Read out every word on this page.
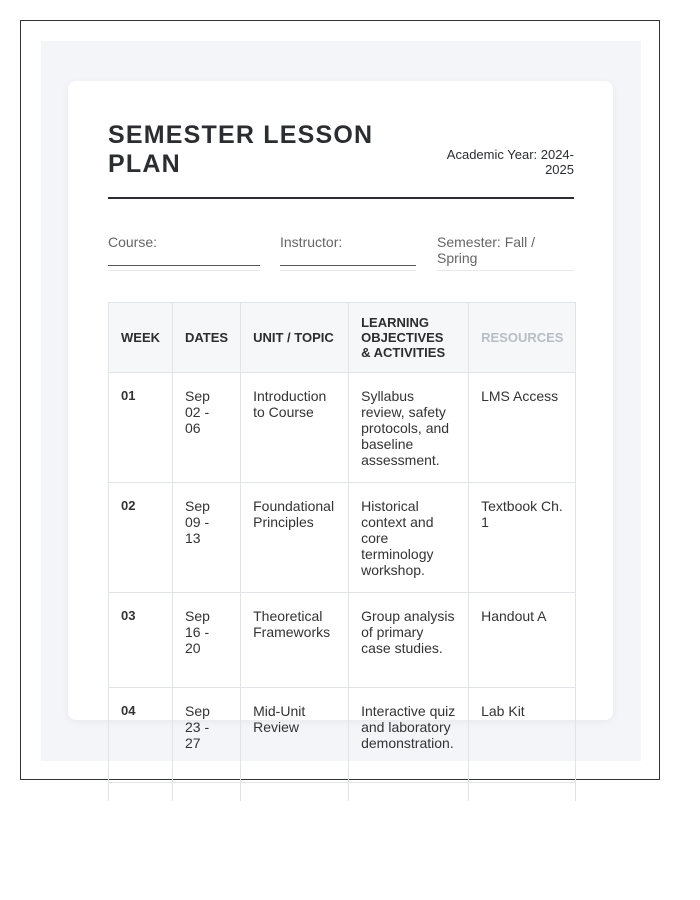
SEMESTER LESSON PLAN	Academic Year: 2024-2025
Course:	Instructor:	Semester: Fall / Spring
WEEK	DATES	UNIT / TOPIC	LEARNING OBJECTIVES & ACTIVITIES	RESOURCES
01	Sep 02 - 06	Introduction to Course	Syllabus review, safety protocols, and baseline assessment.	LMS Access
02	Sep 09 - 13	Foundational Principles	Historical context and core terminology workshop.	Textbook Ch. 1
03	Sep 16 - 20	Theoretical Frameworks	Group analysis of primary case studies.	Handout A
04	Sep 23 - 27	Mid-Unit Review	Interactive quiz and laboratory demonstration.	Lab Kit
